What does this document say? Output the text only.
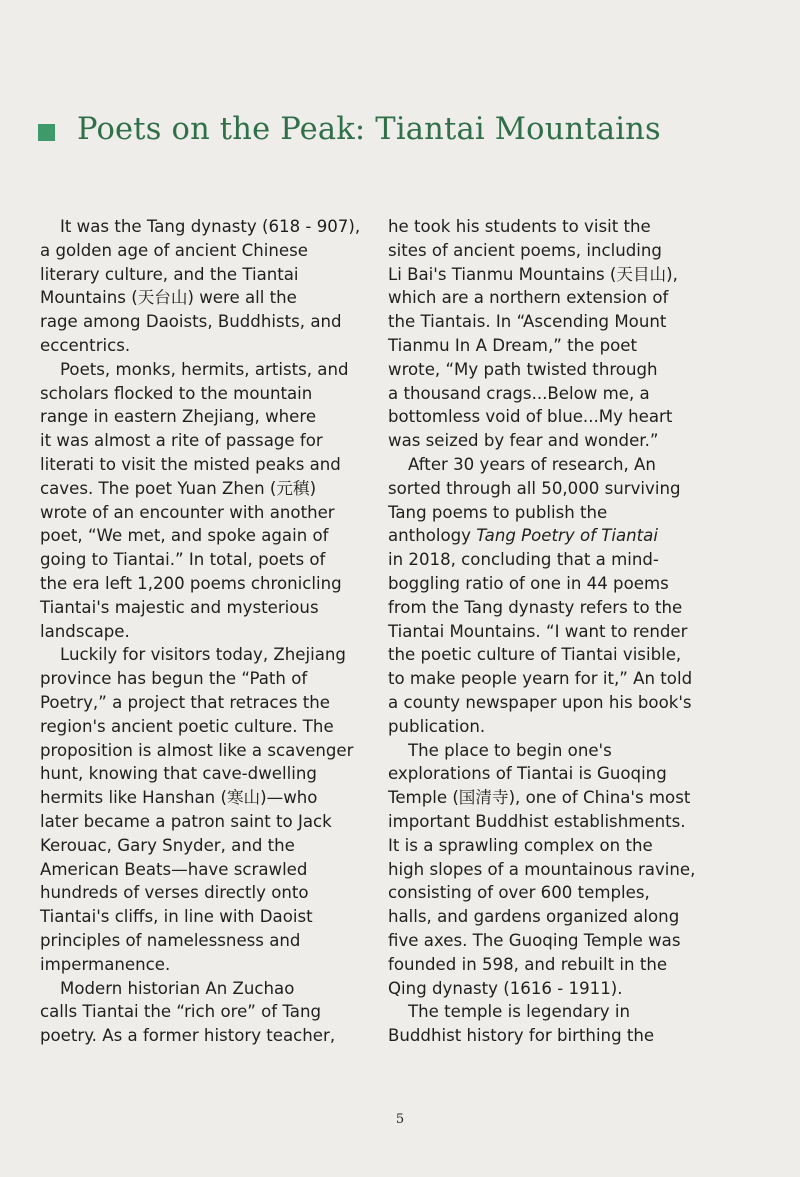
Poets on the Peak: Tiantai Mountains
It was the Tang dynasty (618 - 907),
a golden age of ancient Chinese
literary culture, and the Tiantai
Mountains (天台山) were all the
rage among Daoists, Buddhists, and
eccentrics.
Poets, monks, hermits, artists, and
scholars flocked to the mountain
range in eastern Zhejiang, where
it was almost a rite of passage for
literati to visit the misted peaks and
caves. The poet Yuan Zhen (元稹)
wrote of an encounter with another
poet, “We met, and spoke again of
going to Tiantai.” In total, poets of
the era left 1,200 poems chronicling
Tiantai's majestic and mysterious
landscape.
Luckily for visitors today, Zhejiang
province has begun the “Path of
Poetry,” a project that retraces the
region's ancient poetic culture. The
proposition is almost like a scavenger
hunt, knowing that cave-dwelling
hermits like Hanshan (寒山)—who
later became a patron saint to Jack
Kerouac, Gary Snyder, and the
American Beats—have scrawled
hundreds of verses directly onto
Tiantai's cliffs, in line with Daoist
principles of namelessness and
impermanence.
Modern historian An Zuchao
calls Tiantai the “rich ore” of Tang
poetry. As a former history teacher,
he took his students to visit the
sites of ancient poems, including
Li Bai's Tianmu Mountains (天目山),
which are a northern extension of
the Tiantais. In “Ascending Mount
Tianmu In A Dream,” the poet
wrote, “My path twisted through
a thousand crags...Below me, a
bottomless void of blue...My heart
was seized by fear and wonder.”
After 30 years of research, An
sorted through all 50,000 surviving
Tang poems to publish the
anthology Tang Poetry of Tiantai
in 2018, concluding that a mind-
boggling ratio of one in 44 poems
from the Tang dynasty refers to the
Tiantai Mountains. “I want to render
the poetic culture of Tiantai visible,
to make people yearn for it,” An told
a county newspaper upon his book's
publication.
The place to begin one's
explorations of Tiantai is Guoqing
Temple (国清寺), one of China's most
important Buddhist establishments.
It is a sprawling complex on the
high slopes of a mountainous ravine,
consisting of over 600 temples,
halls, and gardens organized along
five axes. The Guoqing Temple was
founded in 598, and rebuilt in the
Qing dynasty (1616 - 1911).
The temple is legendary in
Buddhist history for birthing the
5
